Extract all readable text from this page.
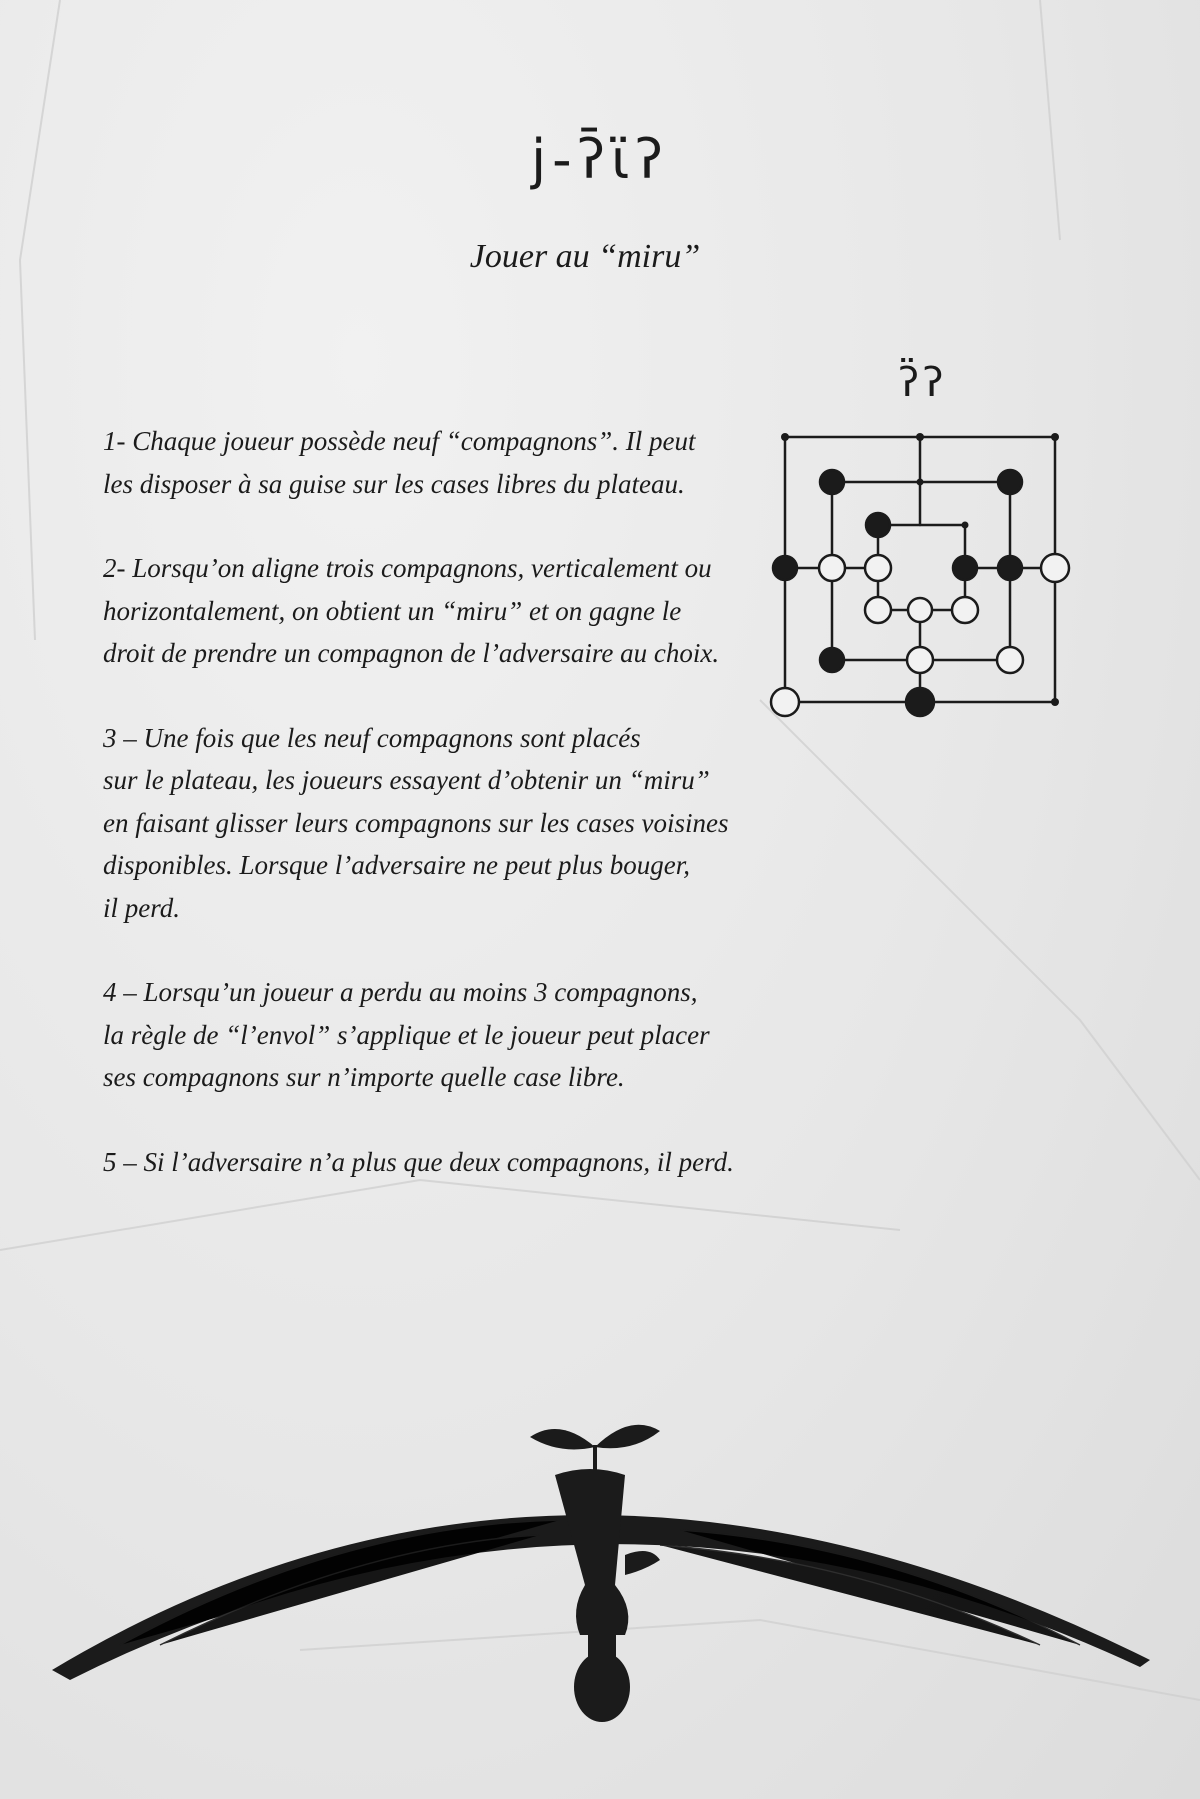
j-ʔ̄ɩ̈ʔ
Jouer au “miru”

1- Chaque joueur possède neuf “compagnons”. Il peut
les disposer à sa guise sur les cases libres du plateau.

2- Lorsqu’on aligne trois compagnons, verticalement ou
horizontalement, on obtient un “miru” et on gagne le
droit de prendre un compagnon de l’adversaire au choix.

3 – Une fois que les neuf compagnons sont placés
sur le plateau, les joueurs essayent d’obtenir un “miru”
en faisant glisser leurs compagnons sur les cases voisines
disponibles. Lorsque l’adversaire ne peut plus bouger,
il perd.

4 – Lorsqu’un joueur a perdu au moins 3 compagnons,
la règle de “l’envol” s’applique et le joueur peut placer
ses compagnons sur n’importe quelle case libre.

5 – Si l’adversaire n’a plus que deux compagnons, il perd.

ʔ̈ʔ
